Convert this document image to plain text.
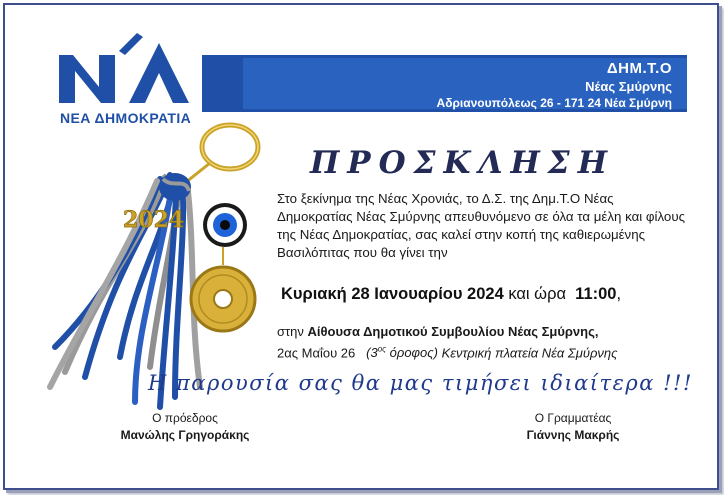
ΝΕΑ ΔΗΜΟΚΡΑΤΙΑ
ΔΗΜ.Τ.Ο
Νέας Σμύρνης
Αδριανουπόλεως 26 - 171 24 Νέα Σμύρνη
2024
ΠΡΟΣΚΛΗΣΗ
Στο ξεκίνημα της Νέας Χρονιάς, το Δ.Σ. της Δημ.Τ.Ο Νέας Δημοκρατίας Νέας Σμύρνης απευθυνόμενο σε όλα τα μέλη και φίλους της Νέας Δημοκρατίας, σας καλεί στην κοπή της καθιερωμένης Βασιλόπιτας που θα γίνει την
Κυριακή 28 Ιανουαρίου 2024 και ώρα 11:00,
στην Αίθουσα Δημοτικού Συμβουλίου Νέας Σμύρνης,
2ας Μαΐου 26 ($3^{o\varsigma}$ όροφος) Κεντρική πλατεία Νέα Σμύρνης
Η παρουσία σας θα μας τιμήσει ιδιαίτερα !!!
Ο πρόεδρος
Μανώλης Γρηγοράκης
Ο Γραμματέας
Γιάννης Μακρής
